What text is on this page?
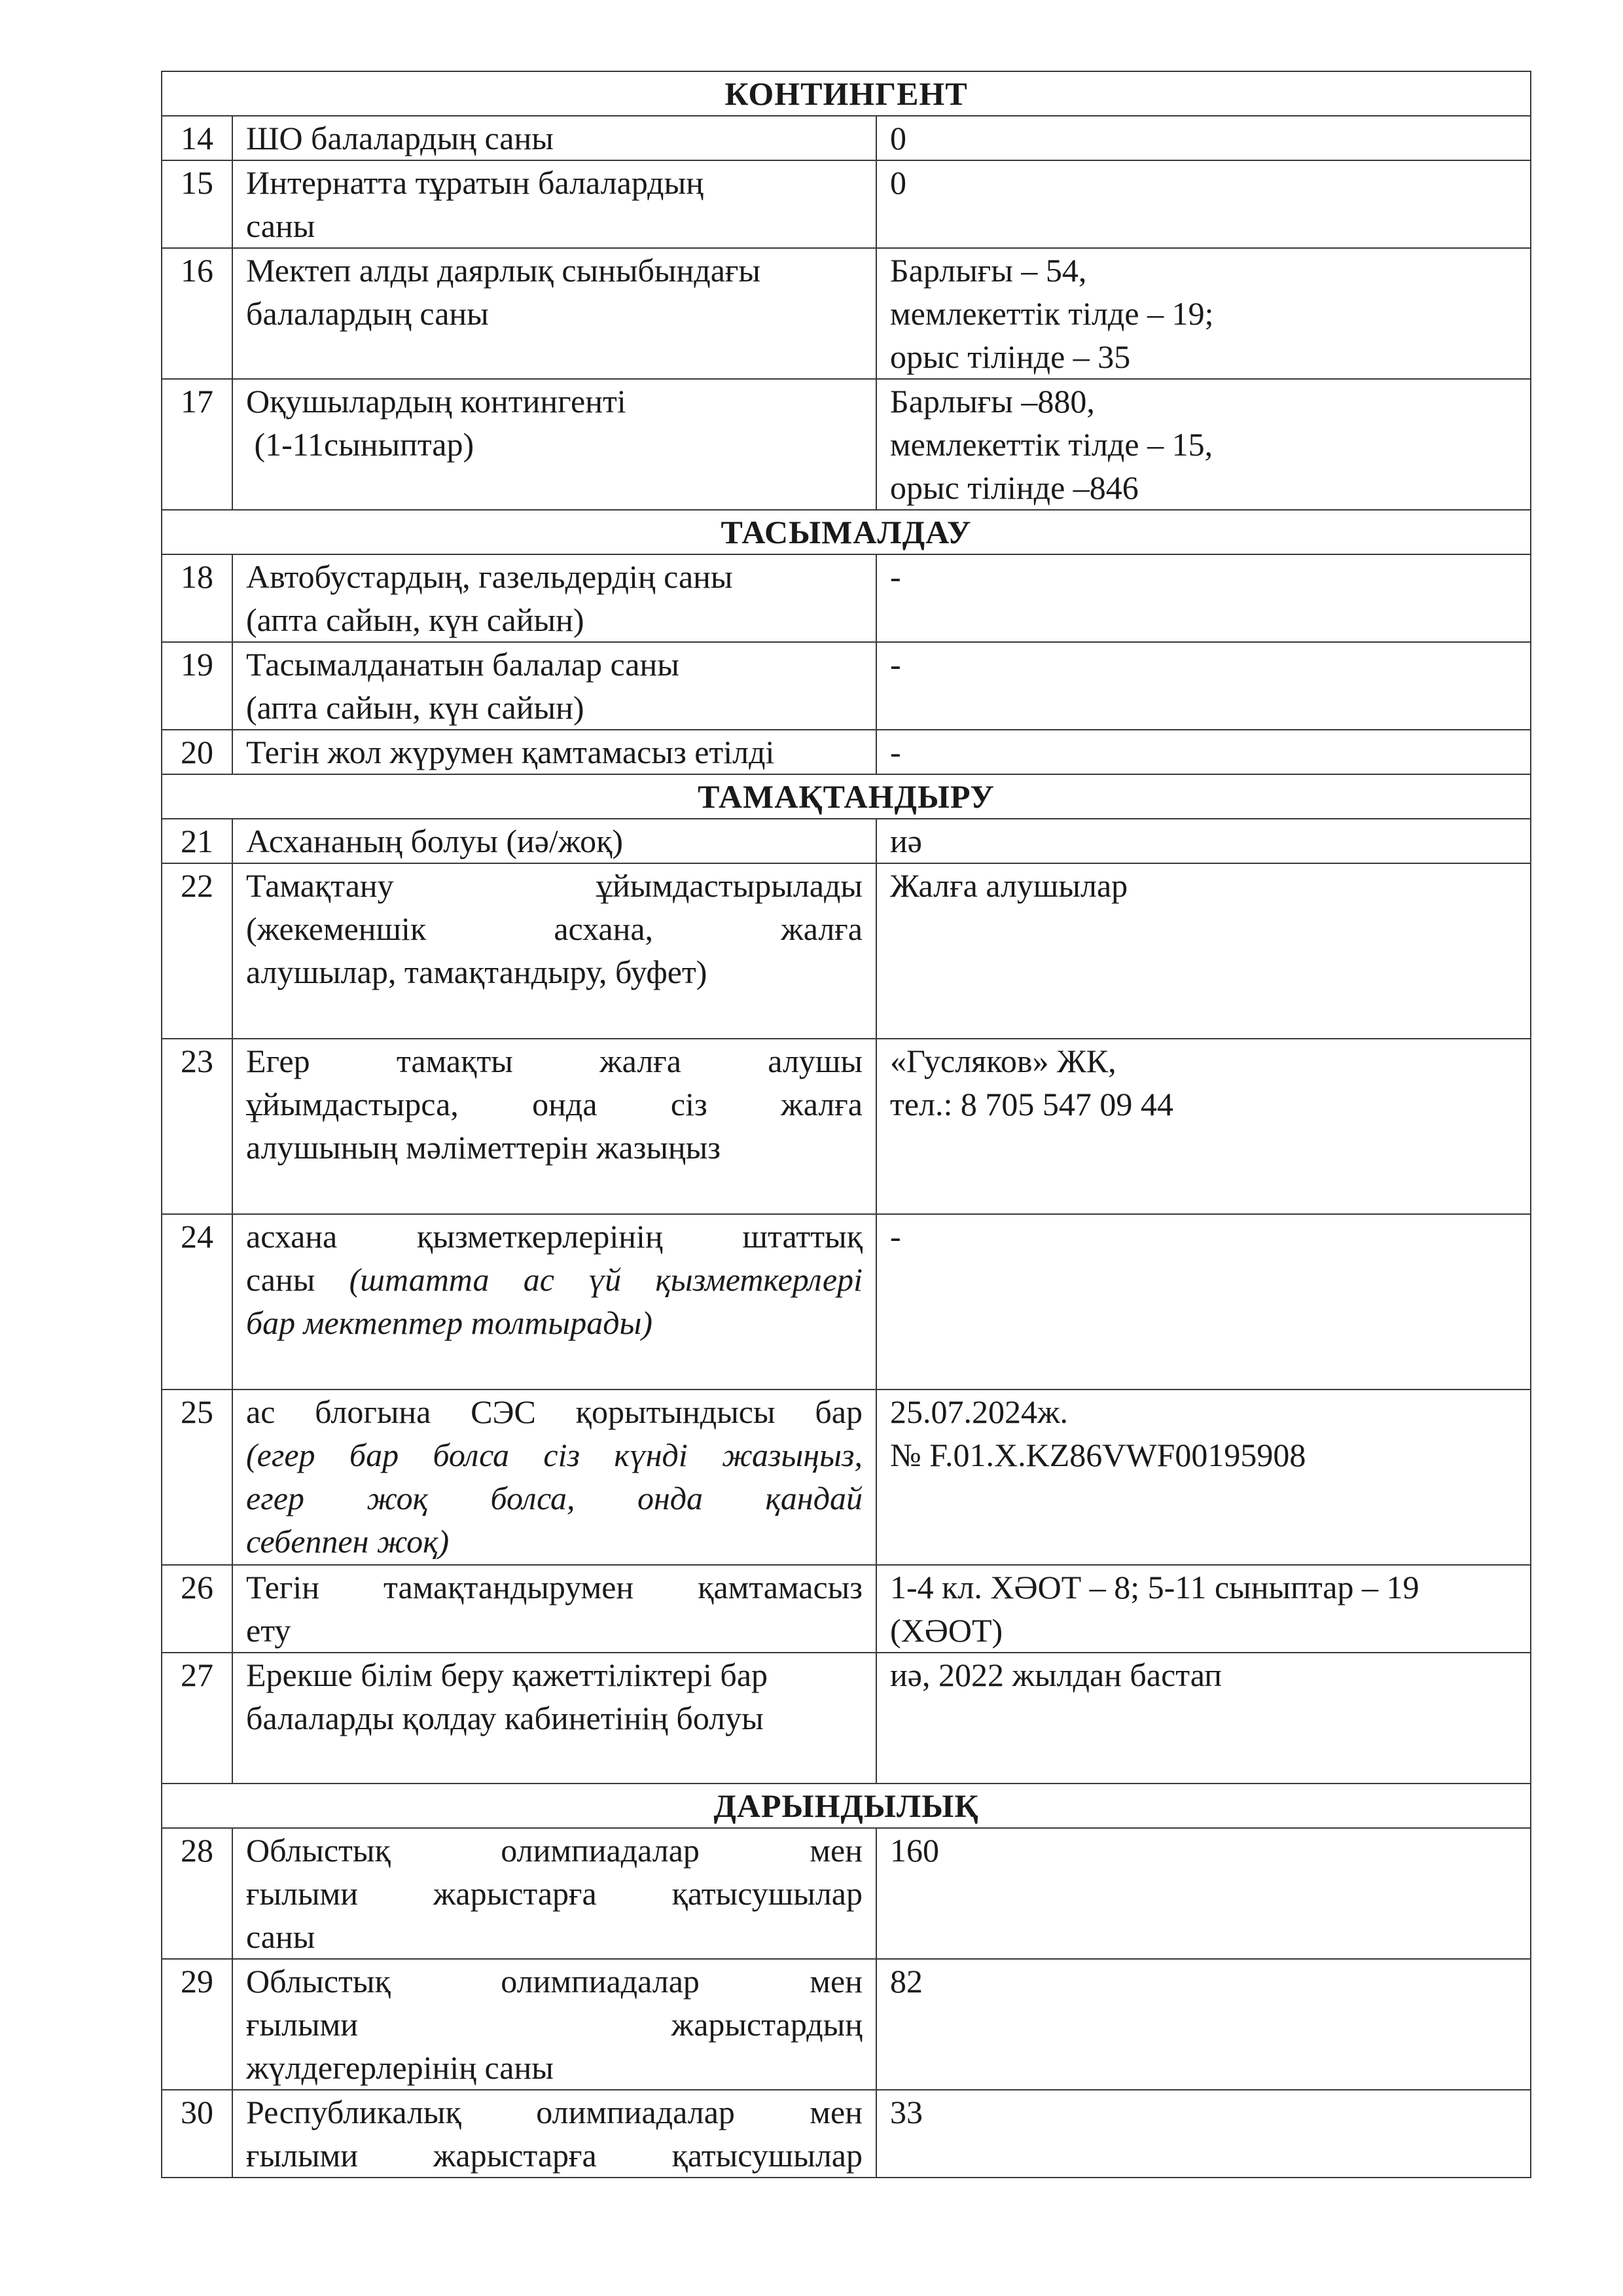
КОНТИНГЕНТ		
14	ШО балалардың саны	0

15	Интернатта тұратын балалардың
саны	0

16	Мектеп алды даярлық сыныбындағы
балалардың саны	Барлығы – 54,
мемлекеттік тілде – 19;
орыс тілінде – 35

17	Оқушылардың контингенті
(1-11сыныптар)	Барлығы –880,
мемлекеттік тілде – 15,
орыс тілінде –846

ТАСЫМАЛДАУ		
18	Автобустардың, газельдердің саны
(апта сайын, күн сайын)	-

19	Тасымалданатын балалар саны
(апта сайын, күн сайын)	-

20	Тегін жол жүрумен қамтамасыз етілді	-

ТАМАҚТАНДЫРУ		
21	Асхананың болуы (иә/жоқ)	иә

22	Тамақтану ұйымдастырылады
(жекеменшік асхана, жалға
алушылар, тамақтандыру, буфет)	Жалға алушылар

23	Егер тамақты жалға алушы
ұйымдастырса, онда сіз жалға
алушының мәліметтерін жазыңыз	«Гусляков» ЖК,
тел.: 8 705 547 09 44

24	асхана қызметкерлерінің штаттық
саны (штатта ас үй қызметкерлері
бар мектептер толтырады)	-

25	ас блогына СЭС қорытындысы бар
(егер бар болса сіз күнді жазыңыз,
егер жоқ болса, онда қандай
себеппен жоқ)	25.07.2024ж.
№ F.01.X.KZ86VWF00195908

26	Тегін тамақтандырумен қамтамасыз
ету	1-4 кл. ХӘОТ – 8; 5-11 сыныптар – 19
(ХӘОТ)

27	Ерекше білім беру қажеттіліктері бар
балаларды қолдау кабинетінің болуы	иә, 2022 жылдан бастап

ДАРЫНДЫЛЫҚ		
28	Облыстық олимпиадалар мен
ғылыми жарыстарға қатысушылар
саны	160

29	Облыстық олимпиадалар мен
ғылыми жарыстардың
жүлдегерлерінің саны	82

30	Республикалық олимпиадалар мен
ғылыми жарыстарға қатысушылар	33
